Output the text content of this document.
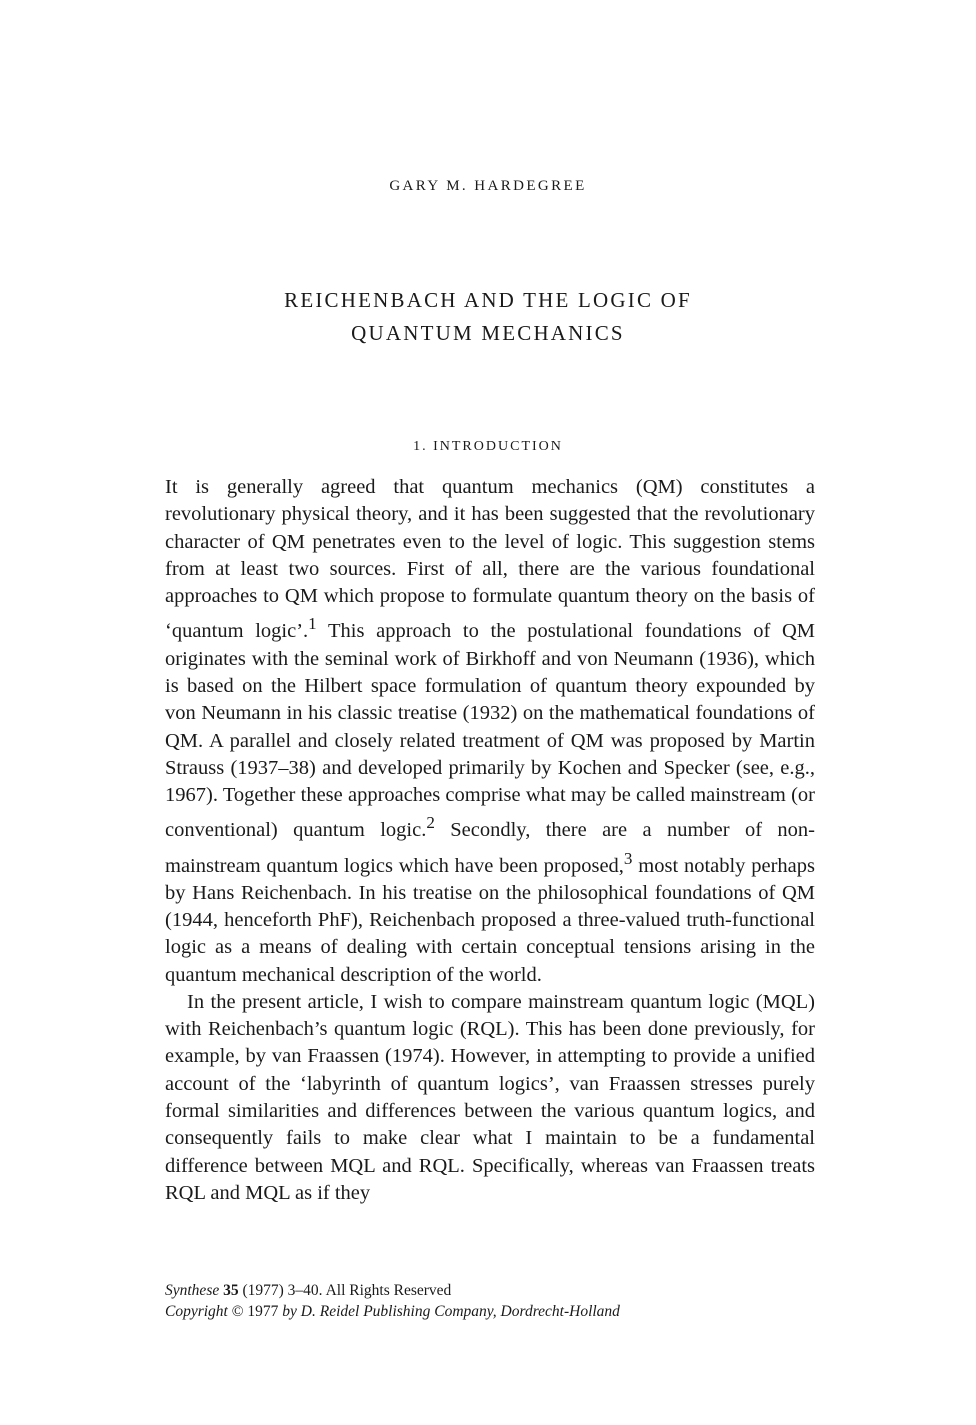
GARY M. HARDEGREE
REICHENBACH AND THE LOGIC OF
QUANTUM MECHANICS
1. INTRODUCTION

It is generally agreed that quantum mechanics (QM) constitutes a revolutionary physical theory, and it has been suggested that the revolutionary character of QM penetrates even to the level of logic. This suggestion stems from at least two sources. First of all, there are the various foundational approaches to QM which propose to formulate quantum theory on the basis of ‘quantum logic’.$^1$ This approach to the postulational foundations of QM originates with the seminal work of Birkhoff and von Neumann (1936), which is based on the Hilbert space formulation of quantum theory expounded by von Neumann in his classic treatise (1932) on the mathematical foundations of QM. A parallel and closely related treatment of QM was proposed by Martin Strauss (1937–38) and developed primarily by Kochen and Specker (see, e.g., 1967). Together these approaches comprise what may be called mainstream (or conventional) quantum logic.$^2$ Secondly, there are a number of non-mainstream quantum logics which have been proposed,$^3$ most notably perhaps by Hans Reichenbach. In his treatise on the philosophical foundations of QM (1944, henceforth PhF), Reichenbach proposed a three-valued truth-functional logic as a means of dealing with certain conceptual tensions arising in the quantum mechanical description of the world.

In the present article, I wish to compare mainstream quantum logic (MQL) with Reichenbach’s quantum logic (RQL). This has been done previously, for example, by van Fraassen (1974). However, in attempting to provide a unified account of the ‘labyrinth of quantum logics’, van Fraassen stresses purely formal similarities and differences between the various quantum logics, and consequently fails to make clear what I maintain to be a fundamental difference between MQL and RQL. Specifically, whereas van Fraassen treats RQL and MQL as if they

Synthese 35 (1977) 3–40. All Rights Reserved
Copyright © 1977 by D. Reidel Publishing Company, Dordrecht-Holland
